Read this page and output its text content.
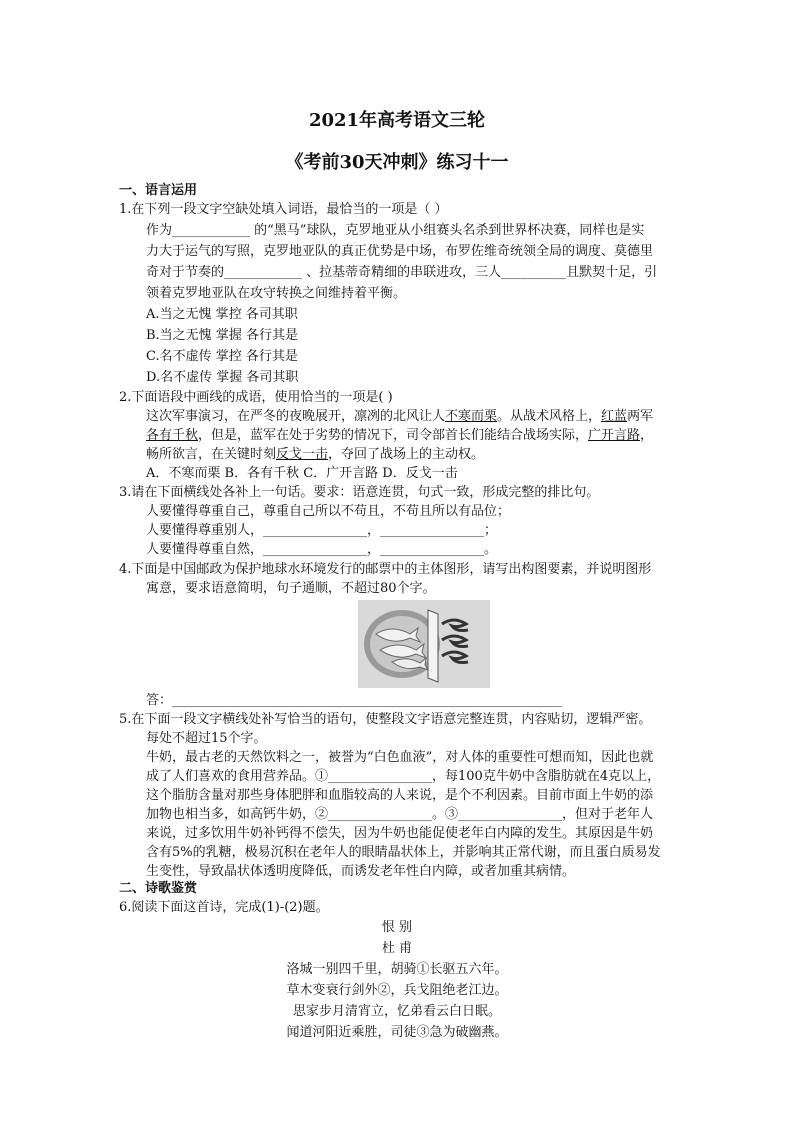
2021年高考语文三轮
《考前30天冲刺》练习十一
一、语言运用
1.在下列一段文字空缺处填入词语，最恰当的一项是（ ）
作为____________ 的“黑马”球队，克罗地亚从小组赛头名杀到世界杯决赛，同样也是实
力大于运气的写照，克罗地亚队的真正优势是中场，布罗佐维奇统领全局的调度、莫德里
奇对于节奏的____________ 、拉基蒂奇精细的串联进攻，三人__________且默契十足，引
领着克罗地亚队在攻守转换之间维持着平衡。
A.当之无愧 掌控 各司其职
B.当之无愧 掌握 各行其是
C.名不虚传 掌控 各行其是
D.名不虚传 掌握 各司其职
2.下面语段中画线的成语，使用恰当的一项是( )
这次军事演习，在严冬的夜晚展开，凛冽的北风让人不寒而栗。从战术风格上，红蓝两军
各有千秋，但是，蓝军在处于劣势的情况下，司令部首长们能结合战场实际，广开言路，
畅所欲言，在关键时刻反戈一击，夺回了战场上的主动权。
A．不寒而栗 B．各有千秋 C．广开言路 D．反戈一击
3.请在下面横线处各补上一句话。要求：语意连贯，句式一致，形成完整的排比句。
人要懂得尊重自己，尊重自己所以不苟且，不苟且所以有品位；
人要懂得尊重别人，________________，________________；
人要懂得尊重自然，________________，________________。
4.下面是中国邮政为保护地球水环境发行的邮票中的主体图形，请写出构图要素，并说明图形
寓意，要求语意简明，句子通顺，不超过80个字。
答：____________________________________________________________
5.在下面一段文字横线处补写恰当的语句，使整段文字语意完整连贯，内容贴切，逻辑严密。
每处不超过15个字。
牛奶，最古老的天然饮料之一，被誉为“白色血液”，对人体的重要性可想而知，因此也就
成了人们喜欢的食用营养品。①________________，每100克牛奶中含脂肪就在4克以上，
这个脂肪含量对那些身体肥胖和血脂较高的人来说，是个不利因素。目前市面上牛奶的添
加物也相当多，如高钙牛奶，②________________。③________________，但对于老年人
来说，过多饮用牛奶补钙得不偿失，因为牛奶也能促使老年白内障的发生。其原因是牛奶
含有5%的乳糖，极易沉积在老年人的眼睛晶状体上，并影响其正常代谢，而且蛋白质易发
生变性，导致晶状体透明度降低，而诱发老年性白内障，或者加重其病情。
二、诗歌鉴赏
6.阅读下面这首诗，完成(1)-(2)题。
恨 别
杜 甫
洛城一别四千里，胡骑①长驱五六年。
草木变衰行剑外②，兵戈阻绝老江边。
思家步月清宵立，忆弟看云白日眠。
闻道河阳近乘胜，司徒③急为破幽燕。
